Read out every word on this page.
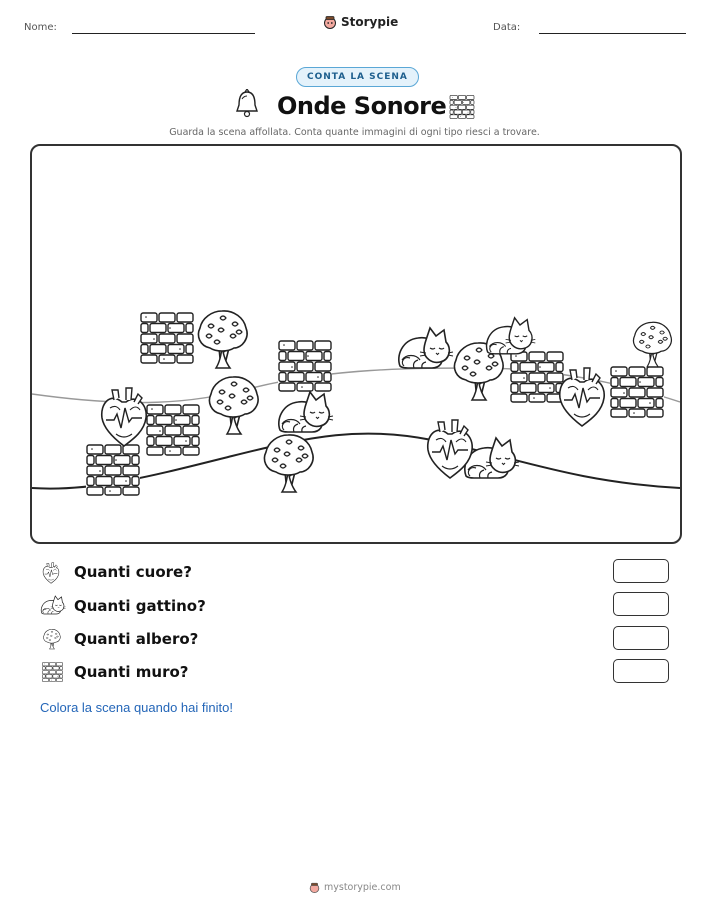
Nome:	Storypie	Data:
CONTA LA SCENA
Onde Sonore
Guarda la scena affollata. Conta quante immagini di ogni tipo riesci a trovare.
Quanti cuore?
Quanti gattino?
Quanti albero?
Quanti muro?
Colora la scena quando hai finito!
mystorypie.com
